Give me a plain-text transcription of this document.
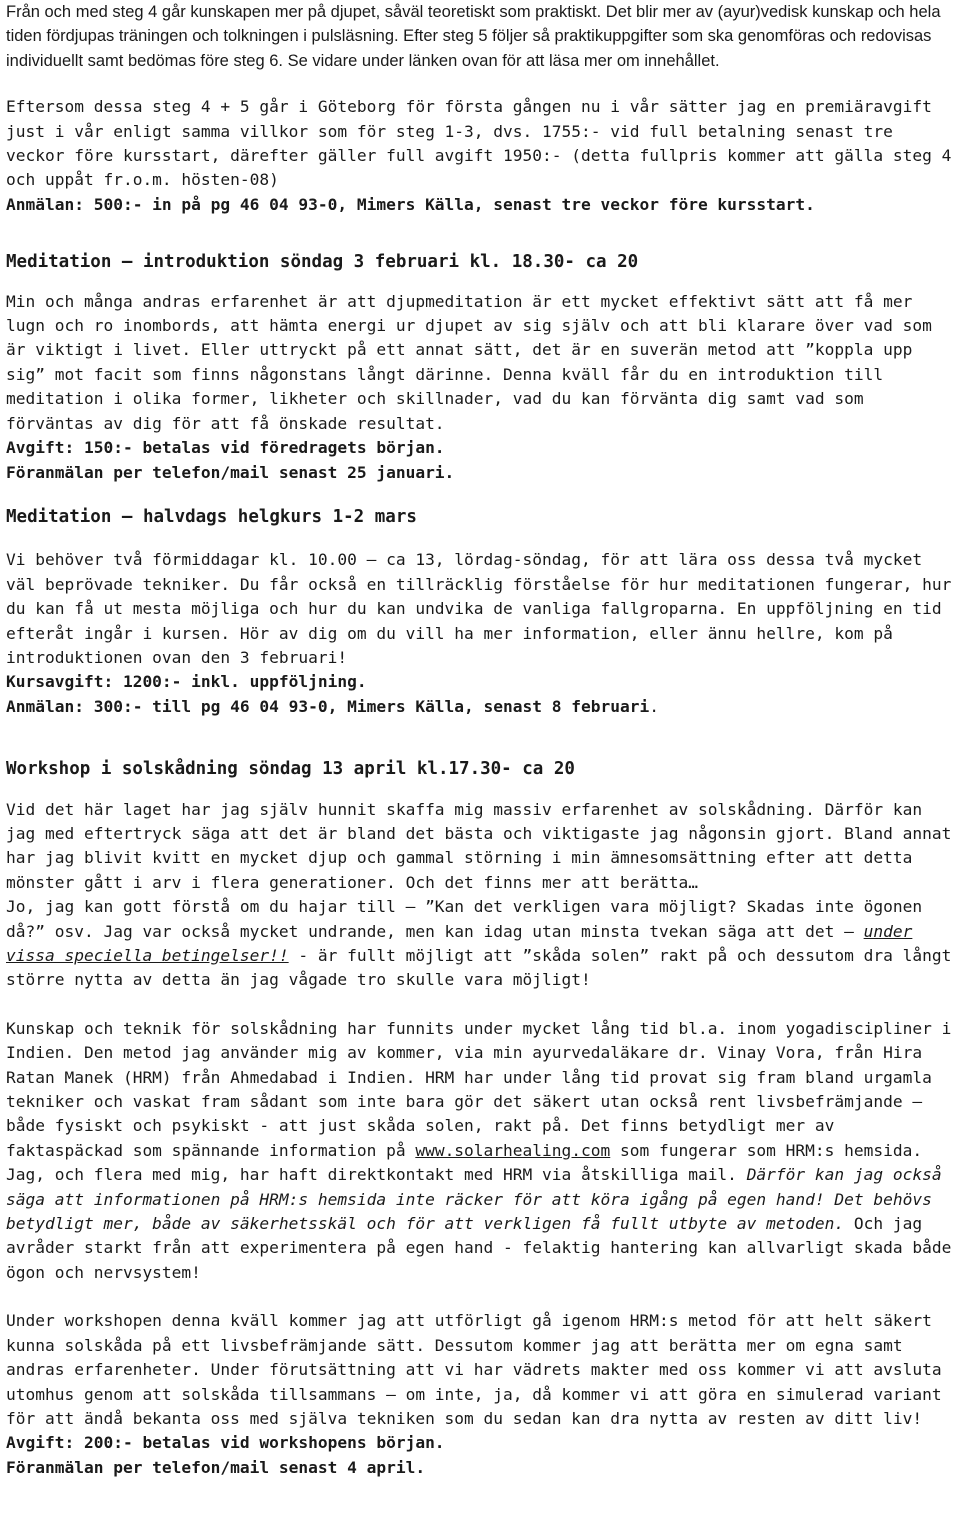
Från och med steg 4 går kunskapen mer på djupet, såväl teoretiskt som praktiskt. Det blir mer av (ayur)vedisk kunskap och hela tiden fördjupas träningen och tolkningen i pulsläsning. Efter steg 5 följer så praktikuppgifter som ska genomföras och redovisas individuellt samt bedömas före steg 6. Se vidare under länken ovan för att läsa mer om innehållet.

Eftersom dessa steg 4 + 5 går i Göteborg för första gången nu i vår sätter jag en premiäravgift just i vår enligt samma villkor som för steg 1-3, dvs. 1755:- vid full betalning senast tre veckor före kursstart, därefter gäller full avgift 1950:- (detta fullpris kommer att gälla steg 4 och uppåt fr.o.m. hösten-08)
Anmälan: 500:- in på pg 46 04 93-0, Mimers Källa, senast tre veckor före kursstart.

Meditation – introduktion söndag 3 februari kl. 18.30- ca 20

Min och många andras erfarenhet är att djupmeditation är ett mycket effektivt sätt att få mer lugn och ro inombords, att hämta energi ur djupet av sig själv och att bli klarare över vad som är viktigt i livet. Eller uttryckt på ett annat sätt, det är en suverän metod att ”koppla upp sig” mot facit som finns någonstans långt därinne. Denna kväll får du en introduktion till meditation i olika former, likheter och skillnader, vad du kan förvänta dig samt vad som förväntas av dig för att få önskade resultat.
Avgift: 150:- betalas vid föredragets början.
Föranmälan per telefon/mail senast 25 januari.

Meditation – halvdags helgkurs 1-2 mars

Vi behöver två förmiddagar kl. 10.00 – ca 13, lördag-söndag, för att lära oss dessa två mycket väl beprövade tekniker. Du får också en tillräcklig förståelse för hur meditationen fungerar, hur du kan få ut mesta möjliga och hur du kan undvika de vanliga fallgroparna. En uppföljning en tid efteråt ingår i kursen. Hör av dig om du vill ha mer information, eller ännu hellre, kom på introduktionen ovan den 3 februari!
Kursavgift: 1200:- inkl. uppföljning.
Anmälan: 300:- till pg 46 04 93-0, Mimers Källa, senast 8 februari.

Workshop i solskådning söndag 13 april kl.17.30- ca 20

Vid det här laget har jag själv hunnit skaffa mig massiv erfarenhet av solskådning. Därför kan jag med eftertryck säga att det är bland det bästa och viktigaste jag någonsin gjort. Bland annat har jag blivit kvitt en mycket djup och gammal störning i min ämnesomsättning efter att detta mönster gått i arv i flera generationer. Och det finns mer att berätta…
Jo, jag kan gott förstå om du hajar till – ”Kan det verkligen vara möjligt? Skadas inte ögonen då?” osv. Jag var också mycket undrande, men kan idag utan minsta tvekan säga att det – under vissa speciella betingelser!! - är fullt möjligt att ”skåda solen” rakt på och dessutom dra långt större nytta av detta än jag vågade tro skulle vara möjligt!

Kunskap och teknik för solskådning har funnits under mycket lång tid bl.a. inom yogadiscipliner i Indien. Den metod jag använder mig av kommer, via min ayurvedaläkare dr. Vinay Vora, från Hira Ratan Manek (HRM) från Ahmedabad i Indien. HRM har under lång tid provat sig fram bland urgamla tekniker och vaskat fram sådant som inte bara gör det säkert utan också rent livsbefrämjande – både fysiskt och psykiskt - att just skåda solen, rakt på. Det finns betydligt mer av faktaspäckad som spännande information på www.solarhealing.com som fungerar som HRM:s hemsida. Jag, och flera med mig, har haft direktkontakt med HRM via åtskilliga mail. Därför kan jag också säga att informationen på HRM:s hemsida inte räcker för att köra igång på egen hand! Det behövs betydligt mer, både av säkerhetsskäl och för att verkligen få fullt utbyte av metoden. Och jag avråder starkt från att experimentera på egen hand - felaktig hantering kan allvarligt skada både ögon och nervsystem!

Under workshopen denna kväll kommer jag att utförligt gå igenom HRM:s metod för att helt säkert kunna solskåda på ett livsbefrämjande sätt. Dessutom kommer jag att berätta mer om egna samt andras erfarenheter. Under förutsättning att vi har vädrets makter med oss kommer vi att avsluta utomhus genom att solskåda tillsammans – om inte, ja, då kommer vi att göra en simulerad variant för att ändå bekanta oss med själva tekniken som du sedan kan dra nytta av resten av ditt liv!
Avgift: 200:- betalas vid workshopens början.
Föranmälan per telefon/mail senast 4 april.
